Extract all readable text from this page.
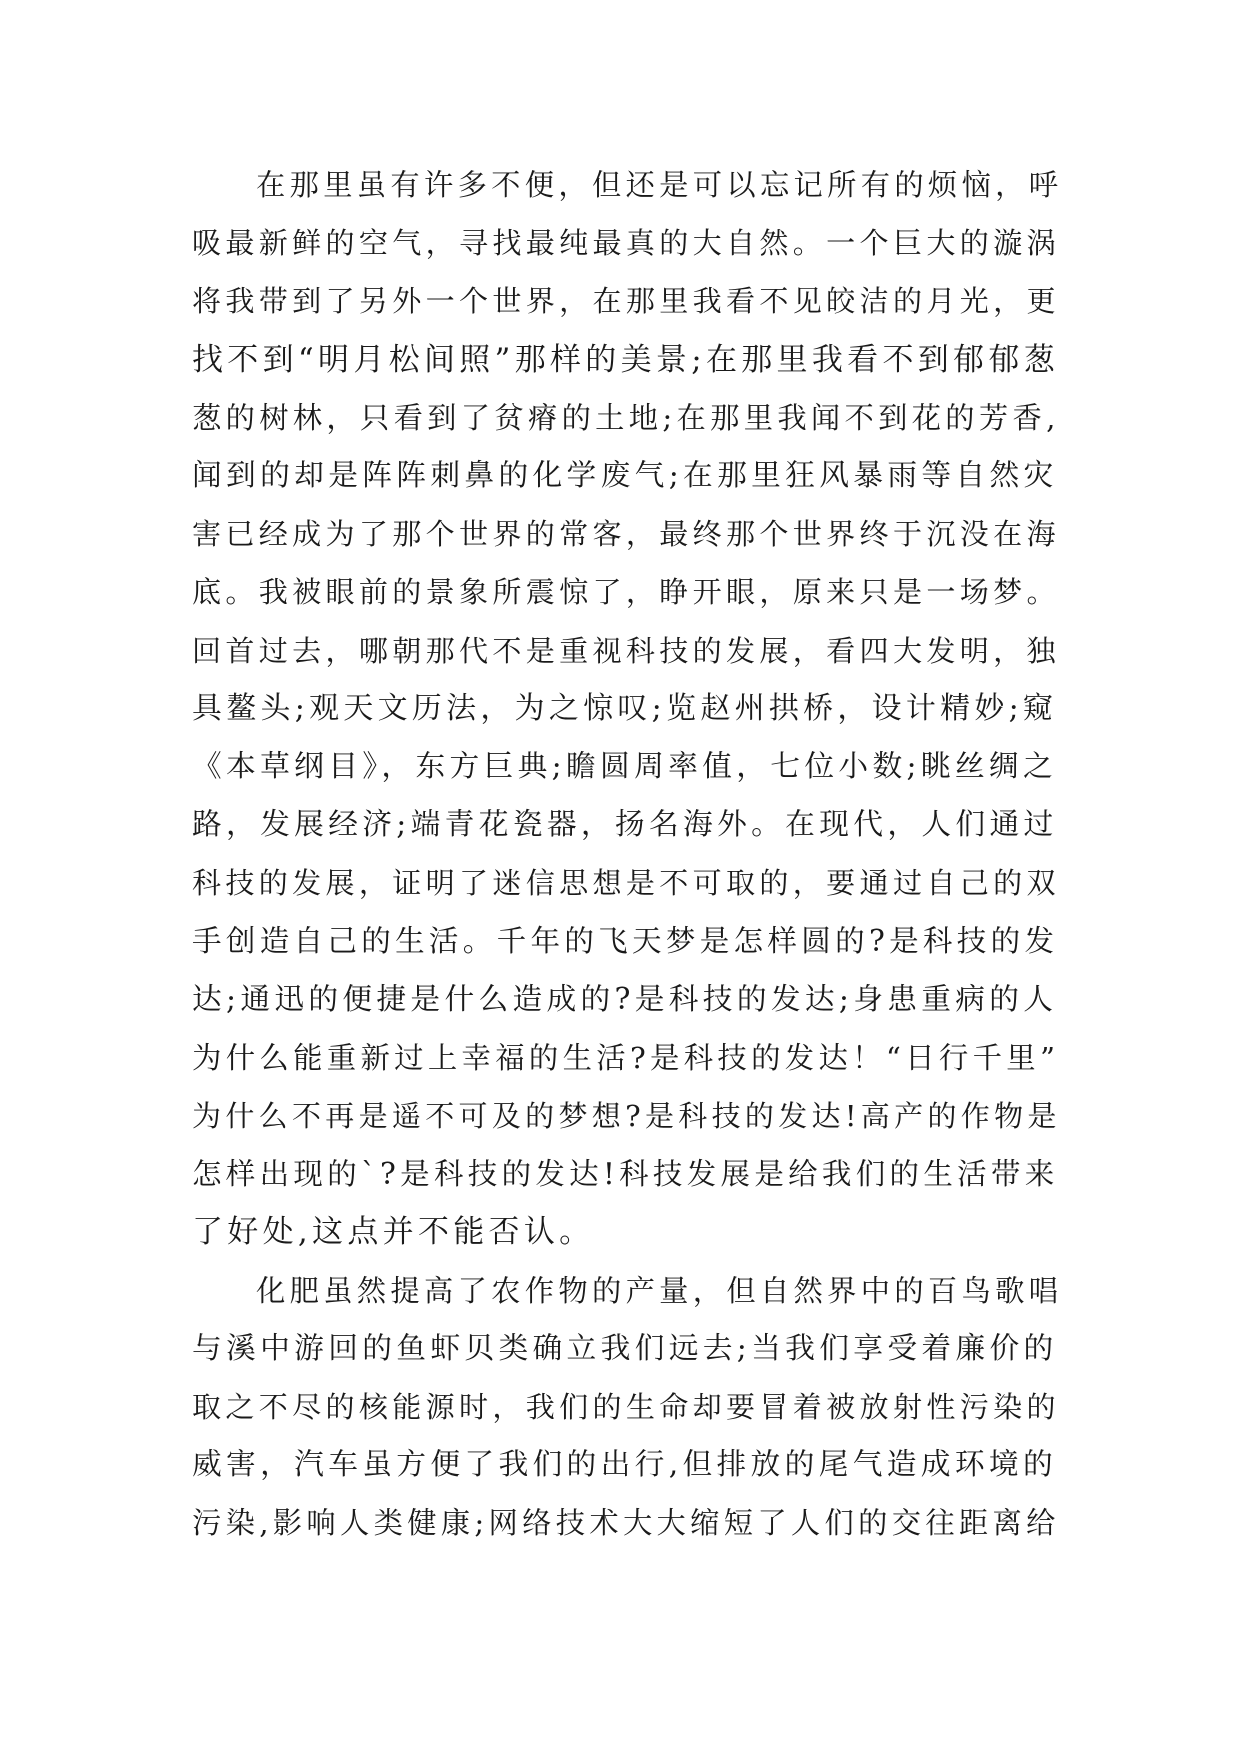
在那里虽有许多不便，但还是可以忘记所有的烦恼，呼
吸最新鲜的空气，寻找最纯最真的大自然。一个巨大的漩涡
将我带到了另外一个世界，在那里我看不见皎洁的月光，更
找不到“明月松间照”那样的美景;在那里我看不到郁郁葱
葱的树林，只看到了贫瘠的土地;在那里我闻不到花的芳香,
闻到的却是阵阵刺鼻的化学废气;在那里狂风暴雨等自然灾
害已经成为了那个世界的常客，最终那个世界终于沉没在海
底。我被眼前的景象所震惊了，睁开眼，原来只是一场梦。
回首过去，哪朝那代不是重视科技的发展，看四大发明，独
具鳌头;观天文历法，为之惊叹;览赵州拱桥，设计精妙;窥
《本草纲目》，东方巨典;瞻圆周率值，七位小数;眺丝绸之
路，发展经济;端青花瓷器，扬名海外。在现代，人们通过
科技的发展，证明了迷信思想是不可取的，要通过自己的双
手创造自己的生活。千年的飞天梦是怎样圆的?是科技的发
达;通迅的便捷是什么造成的?是科技的发达;身患重病的人
为什么能重新过上幸福的生活?是科技的发达！“日行千里”
为什么不再是遥不可及的梦想?是科技的发达!高产的作物是
怎样出现的`?是科技的发达!科技发展是给我们的生活带来
了好处,这点并不能否认。
化肥虽然提高了农作物的产量，但自然界中的百鸟歌唱
与溪中游回的鱼虾贝类确立我们远去;当我们享受着廉价的
取之不尽的核能源时，我们的生命却要冒着被放射性污染的
威害，汽车虽方便了我们的出行,但排放的尾气造成环境的
污染,影响人类健康;网络技术大大缩短了人们的交往距离给
